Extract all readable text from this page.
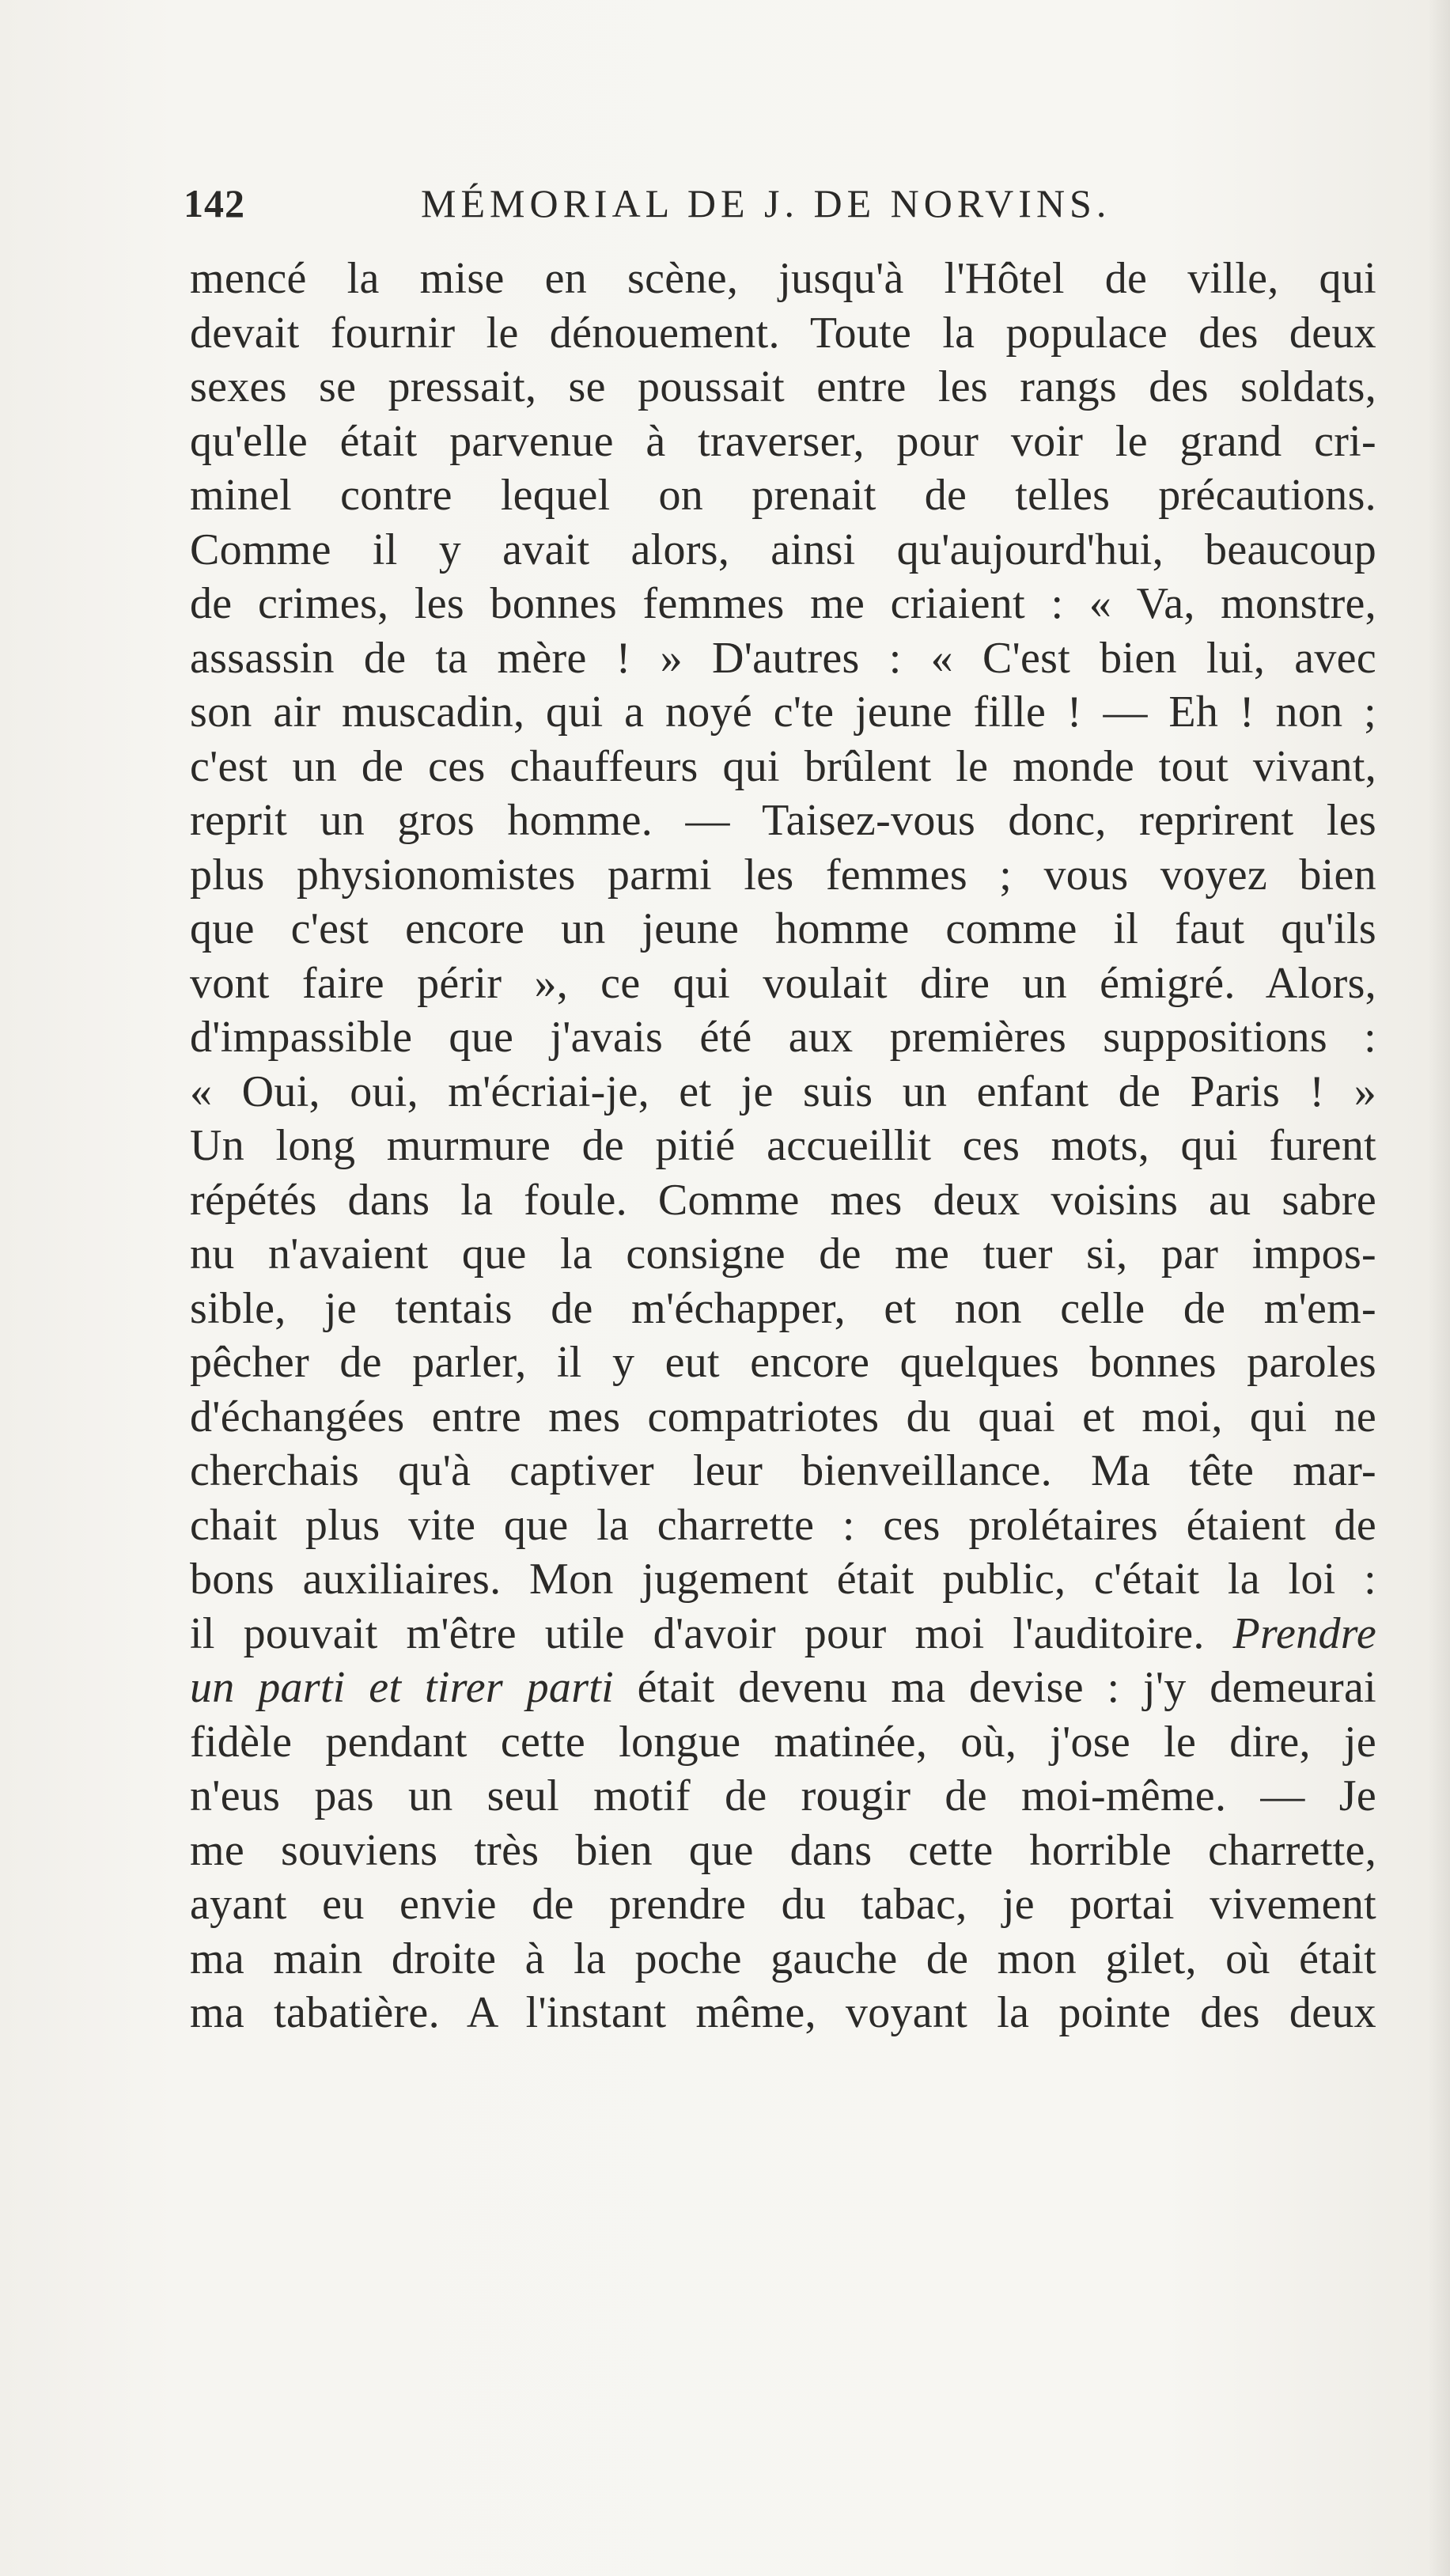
142	MÉMORIAL DE J. DE NORVINS.
mencé la mise en scène, jusqu'à l'Hôtel de ville, qui
devait fournir le dénouement. Toute la populace des deux
sexes se pressait, se poussait entre les rangs des soldats,
qu'elle était parvenue à traverser, pour voir le grand cri-
minel contre lequel on prenait de telles précautions.
Comme il y avait alors, ainsi qu'aujourd'hui, beaucoup
de crimes, les bonnes femmes me criaient : « Va, monstre,
assassin de ta mère ! » D'autres : « C'est bien lui, avec
son air muscadin, qui a noyé c'te jeune fille ! — Eh ! non ;
c'est un de ces chauffeurs qui brûlent le monde tout vivant,
reprit un gros homme. — Taisez-vous donc, reprirent les
plus physionomistes parmi les femmes ; vous voyez bien
que c'est encore un jeune homme comme il faut qu'ils
vont faire périr », ce qui voulait dire un émigré. Alors,
d'impassible que j'avais été aux premières suppositions :
« Oui, oui, m'écriai-je, et je suis un enfant de Paris ! »
Un long murmure de pitié accueillit ces mots, qui furent
répétés dans la foule. Comme mes deux voisins au sabre
nu n'avaient que la consigne de me tuer si, par impos-
sible, je tentais de m'échapper, et non celle de m'em-
pêcher de parler, il y eut encore quelques bonnes paroles
d'échangées entre mes compatriotes du quai et moi, qui ne
cherchais qu'à captiver leur bienveillance. Ma tête mar-
chait plus vite que la charrette : ces prolétaires étaient de
bons auxiliaires. Mon jugement était public, c'était la loi :
il pouvait m'être utile d'avoir pour moi l'auditoire. Prendre
un parti et tirer parti était devenu ma devise : j'y demeurai
fidèle pendant cette longue matinée, où, j'ose le dire, je
n'eus pas un seul motif de rougir de moi-même. — Je
me souviens très bien que dans cette horrible charrette,
ayant eu envie de prendre du tabac, je portai vivement
ma main droite à la poche gauche de mon gilet, où était
ma tabatière. A l'instant même, voyant la pointe des deux
